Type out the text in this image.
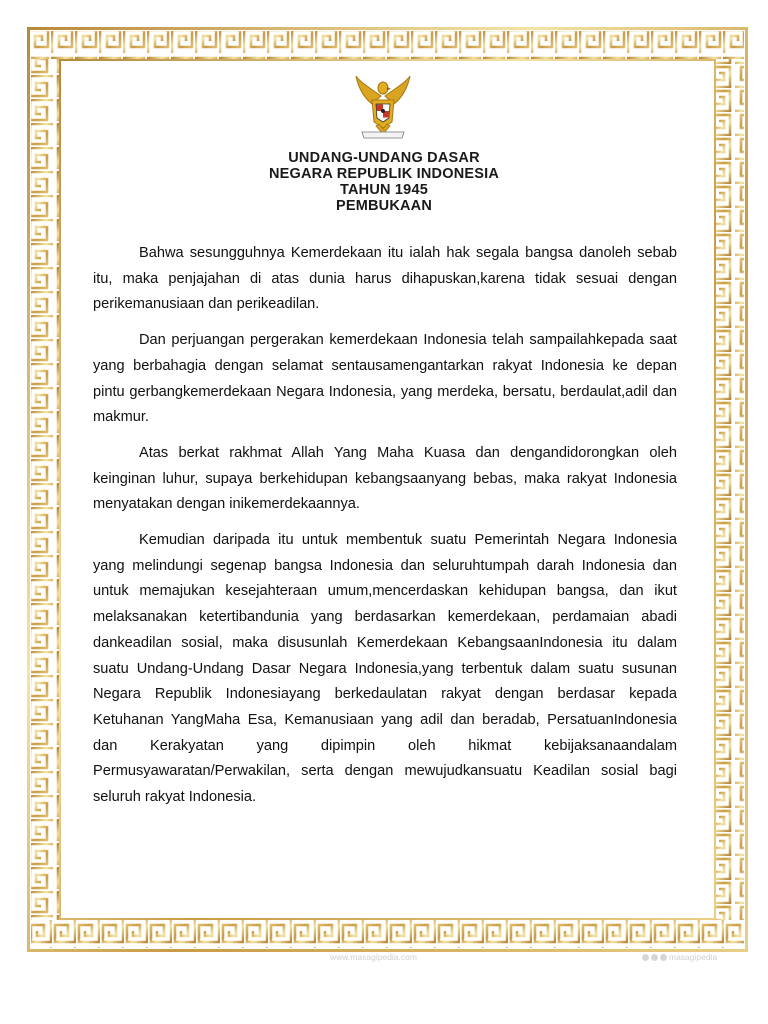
UNDANG-UNDANG DASAR
NEGARA REPUBLIK INDONESIA
TAHUN 1945
PEMBUKAAN

Bahwa sesungguhnya Kemerdekaan itu ialah hak segala bangsa danoleh sebab itu, maka penjajahan di atas dunia harus dihapuskan,karena tidak sesuai dengan perikemanusiaan dan perikeadilan.

Dan perjuangan pergerakan kemerdekaan Indonesia telah sampailahkepada saat yang berbahagia dengan selamat sentausamengantarkan rakyat Indonesia ke depan pintu gerbangkemerdekaan Negara Indonesia, yang merdeka, bersatu, berdaulat,adil dan makmur.

Atas berkat rakhmat Allah Yang Maha Kuasa dan dengandidorongkan oleh keinginan luhur, supaya berkehidupan kebangsaanyang bebas, maka rakyat Indonesia menyatakan dengan inikemerdekaannya.

Kemudian daripada itu untuk membentuk suatu Pemerintah Negara Indonesia yang melindungi segenap bangsa Indonesia dan seluruhtumpah darah Indonesia dan untuk memajukan kesejahteraan umum,mencerdaskan kehidupan bangsa, dan ikut melaksanakan ketertibandunia yang berdasarkan kemerdekaan, perdamaian abadi dankeadilan sosial, maka disusunlah Kemerdekaan KebangsaanIndonesia itu dalam suatu Undang-Undang Dasar Negara Indonesia,yang terbentuk dalam suatu susunan Negara Republik Indonesiayang berkedaulatan rakyat dengan berdasar kepada Ketuhanan YangMaha Esa, Kemanusiaan yang adil dan beradab, PersatuanIndonesia dan Kerakyatan yang dipimpin oleh hikmat kebijaksanaandalam Permusyawaratan/Perwakilan, serta dengan mewujudkansuatu Keadilan sosial bagi seluruh rakyat Indonesia.

www.masagipedia.com	masagipedia
